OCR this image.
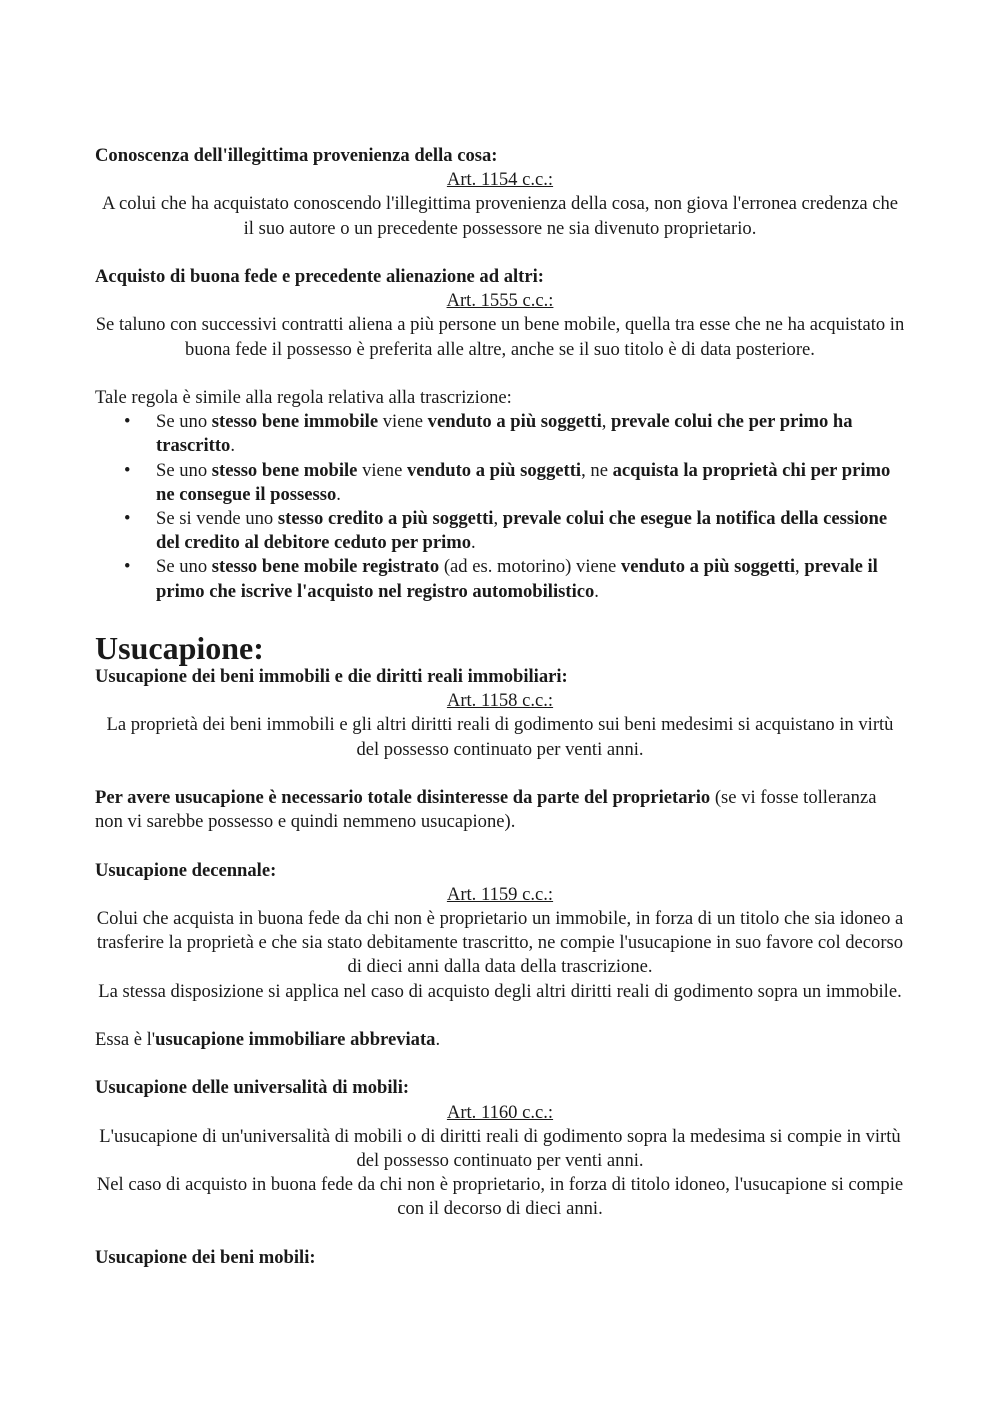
Conoscenza dell'illegittima provenienza della cosa:

Art. 1154 c.c.:

A colui che ha acquistato conoscendo l'illegittima provenienza della cosa, non giova l'erronea credenza che il suo autore o un precedente possessore ne sia divenuto proprietario.

Acquisto di buona fede e precedente alienazione ad altri:

Art. 1555 c.c.:

Se taluno con successivi contratti aliena a più persone un bene mobile, quella tra esse che ne ha acquistato in buona fede il possesso è preferita alle altre, anche se il suo titolo è di data posteriore.

Tale regola è simile alla regola relativa alla trascrizione:

• Se uno stesso bene immobile viene venduto a più soggetti, prevale colui che per primo ha trascritto.
• Se uno stesso bene mobile viene venduto a più soggetti, ne acquista la proprietà chi per primo ne consegue il possesso.
• Se si vende uno stesso credito a più soggetti, prevale colui che esegue la notifica della cessione del credito al debitore ceduto per primo.
• Se uno stesso bene mobile registrato (ad es. motorino) viene venduto a più soggetti, prevale il primo che iscrive l'acquisto nel registro automobilistico.

Usucapione:

Usucapione dei beni immobili e die diritti reali immobiliari:

Art. 1158 c.c.:

La proprietà dei beni immobili e gli altri diritti reali di godimento sui beni medesimi si acquistano in virtù del possesso continuato per venti anni.

Per avere usucapione è necessario totale disinteresse da parte del proprietario (se vi fosse tolleranza non vi sarebbe possesso e quindi nemmeno usucapione).

Usucapione decennale:

Art. 1159 c.c.:

Colui che acquista in buona fede da chi non è proprietario un immobile, in forza di un titolo che sia idoneo a trasferire la proprietà e che sia stato debitamente trascritto, ne compie l'usucapione in suo favore col decorso di dieci anni dalla data della trascrizione.

La stessa disposizione si applica nel caso di acquisto degli altri diritti reali di godimento sopra un immobile.

Essa è l'usucapione immobiliare abbreviata.

Usucapione delle universalità di mobili:

Art. 1160 c.c.:

L'usucapione di un'universalità di mobili o di diritti reali di godimento sopra la medesima si compie in virtù del possesso continuato per venti anni.

Nel caso di acquisto in buona fede da chi non è proprietario, in forza di titolo idoneo, l'usucapione si compie con il decorso di dieci anni.

Usucapione dei beni mobili:
